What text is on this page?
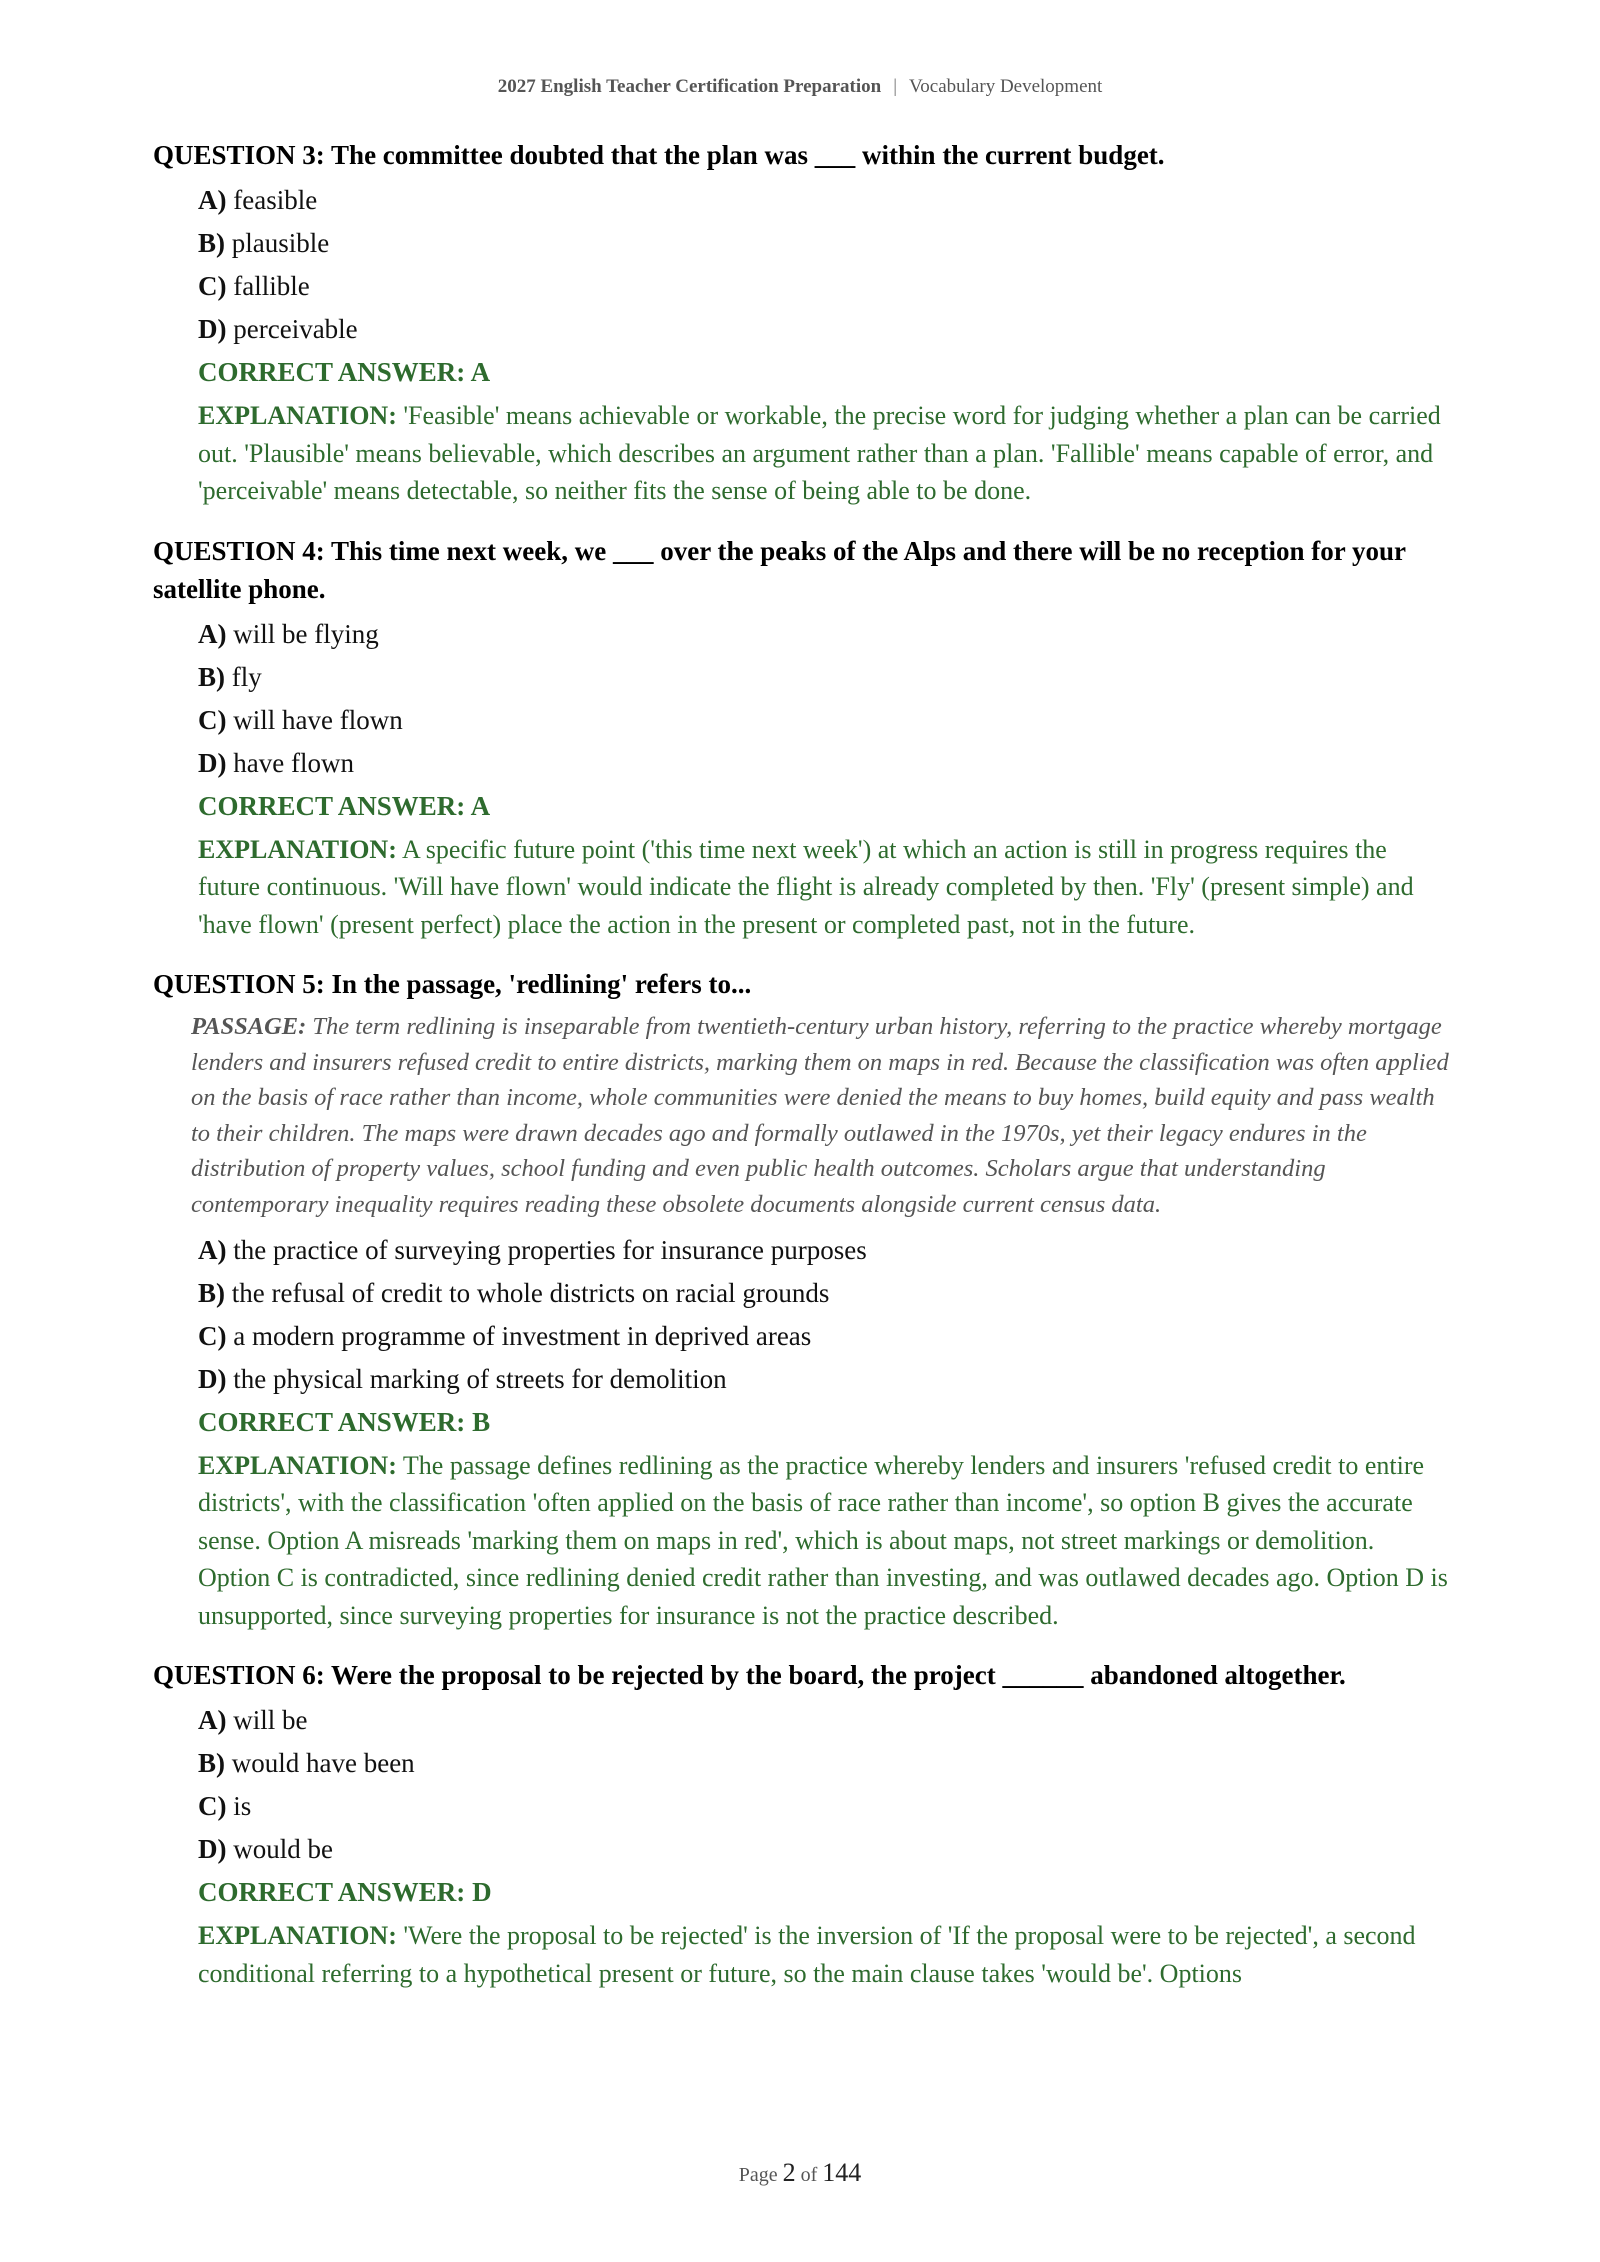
2027 English Teacher Certification Preparation | Vocabulary Development
QUESTION 3: The committee doubted that the plan was ___ within the current budget.
A) feasible
B) plausible
C) fallible
D) perceivable
CORRECT ANSWER: A
EXPLANATION: 'Feasible' means achievable or workable, the precise word for judging whether a plan can be carried out. 'Plausible' means believable, which describes an argument rather than a plan. 'Fallible' means capable of error, and 'perceivable' means detectable, so neither fits the sense of being able to be done.
QUESTION 4: This time next week, we ___ over the peaks of the Alps and there will be no reception for your satellite phone.
A) will be flying
B) fly
C) will have flown
D) have flown
CORRECT ANSWER: A
EXPLANATION: A specific future point ('this time next week') at which an action is still in progress requires the future continuous. 'Will have flown' would indicate the flight is already completed by then. 'Fly' (present simple) and 'have flown' (present perfect) place the action in the present or completed past, not in the future.
QUESTION 5: In the passage, 'redlining' refers to...
PASSAGE: The term redlining is inseparable from twentieth-century urban history, referring to the practice whereby mortgage lenders and insurers refused credit to entire districts, marking them on maps in red. Because the classification was often applied on the basis of race rather than income, whole communities were denied the means to buy homes, build equity and pass wealth to their children. The maps were drawn decades ago and formally outlawed in the 1970s, yet their legacy endures in the distribution of property values, school funding and even public health outcomes. Scholars argue that understanding contemporary inequality requires reading these obsolete documents alongside current census data.
A) the practice of surveying properties for insurance purposes
B) the refusal of credit to whole districts on racial grounds
C) a modern programme of investment in deprived areas
D) the physical marking of streets for demolition
CORRECT ANSWER: B
EXPLANATION: The passage defines redlining as the practice whereby lenders and insurers 'refused credit to entire districts', with the classification 'often applied on the basis of race rather than income', so option B gives the accurate sense. Option A misreads 'marking them on maps in red', which is about maps, not street markings or demolition. Option C is contradicted, since redlining denied credit rather than investing, and was outlawed decades ago. Option D is unsupported, since surveying properties for insurance is not the practice described.
QUESTION 6: Were the proposal to be rejected by the board, the project ______ abandoned altogether.
A) will be
B) would have been
C) is
D) would be
CORRECT ANSWER: D
EXPLANATION: 'Were the proposal to be rejected' is the inversion of 'If the proposal were to be rejected', a second conditional referring to a hypothetical present or future, so the main clause takes 'would be'. Options
Page 2 of 144
